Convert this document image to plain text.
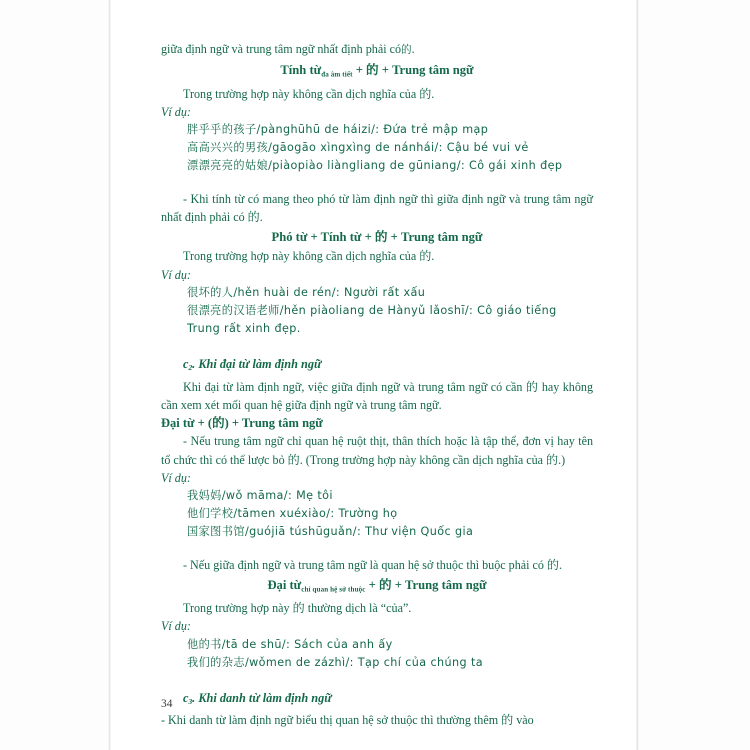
giữa định ngữ và trung tâm ngữ nhất định phải có的.

Tính từ$_{đa âm tiết}$ + 的 + Trung tâm ngữ

Trong trường hợp này không cần dịch nghĩa của 的.

Ví dụ:

胖乎乎的孩子/pànghūhū de háizi/: Đứa trẻ mập mạp

高高兴兴的男孩/gāogāo xìngxìng de nánhái/: Cậu bé vui vẻ

漂漂亮亮的姑娘/piàopiào liàngliang de gūniang/: Cô gái xinh đẹp

- Khi tính từ có mang theo phó từ làm định ngữ thì giữa định ngữ và trung tâm ngữ nhất định phải có 的.

Phó từ + Tính từ + 的 + Trung tâm ngữ

Trong trường hợp này không cần dịch nghĩa của 的.

Ví dụ:

很坏的人/hěn huài de rén/: Người rất xấu

很漂亮的汉语老师/hěn piàoliang de Hànyǔ lǎoshī/: Cô giáo tiếng Trung rất xinh đẹp.

c2. Khi đại từ làm định ngữ

Khi đại từ làm định ngữ, việc giữa định ngữ và trung tâm ngữ có cần 的 hay không cần xem xét mối quan hệ giữa định ngữ và trung tâm ngữ.

Đại từ + (的) + Trung tâm ngữ

- Nếu trung tâm ngữ chỉ quan hệ ruột thịt, thân thích hoặc là tập thể, đơn vị hay tên tổ chức thì có thể lược bỏ 的. (Trong trường hợp này không cần dịch nghĩa của 的.)

Ví dụ:

我妈妈/wǒ māma/: Mẹ tôi

他们学校/tāmen xuéxiào/: Trường họ

国家图书馆/guójiā túshūguǎn/: Thư viện Quốc gia

- Nếu giữa định ngữ và trung tâm ngữ là quan hệ sở thuộc thì buộc phải có 的.

Đại từ$_{chỉ quan hệ sở thuộc}$ + 的 + Trung tâm ngữ

Trong trường hợp này 的 thường dịch là “của”.

Ví dụ:

他的书/tā de shū/: Sách của anh ấy

我们的杂志/wǒmen de zázhì/: Tạp chí của chúng ta

c3. Khi danh từ làm định ngữ

- Khi danh từ làm định ngữ biểu thị quan hệ sở thuộc thì thường thêm 的 vào

34
